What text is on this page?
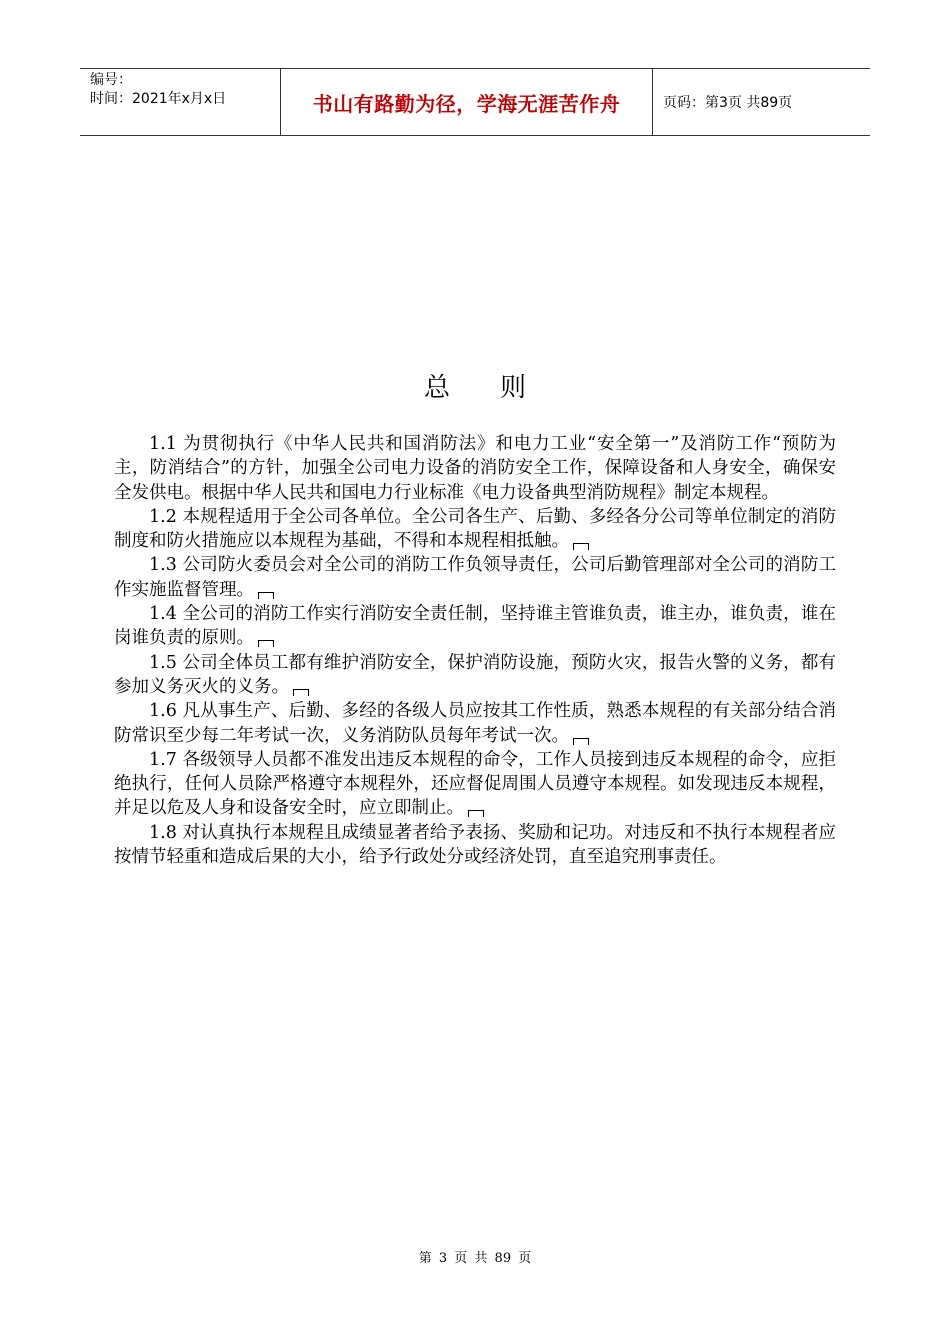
编号：
时间：2021年x月x日	书山有路勤为径，学海无涯苦作舟	页码：第3页 共89页
总则

1.1 为贯彻执行《中华人民共和国消防法》和电力工业“安全第一”及消防工作“预防为主，防消结合”的方针，加强全公司电力设备的消防安全工作，保障设备和人身安全，确保安全发供电。根据中华人民共和国电力行业标准《电力设备典型消防规程》制定本规程。

1.2 本规程适用于全公司各单位。全公司各生产、后勤、多经各分公司等单位制定的消防制度和防火措施应以本规程为基础，不得和本规程相抵触。

1.3 公司防火委员会对全公司的消防工作负领导责任，公司后勤管理部对全公司的消防工作实施监督管理。

1.4 全公司的消防工作实行消防安全责任制，坚持谁主管谁负责，谁主办，谁负责，谁在岗谁负责的原则。

1.5 公司全体员工都有维护消防安全，保护消防设施，预防火灾，报告火警的义务，都有参加义务灭火的义务。

1.6 凡从事生产、后勤、多经的各级人员应按其工作性质，熟悉本规程的有关部分结合消防常识至少每二年考试一次，义务消防队员每年考试一次。

1.7 各级领导人员都不准发出违反本规程的命令，工作人员接到违反本规程的命令，应拒绝执行，任何人员除严格遵守本规程外，还应督促周围人员遵守本规程。如发现违反本规程，并足以危及人身和设备安全时，应立即制止。

1.8 对认真执行本规程且成绩显著者给予表扬、奖励和记功。对违反和不执行本规程者应按情节轻重和造成后果的大小，给予行政处分或经济处罚，直至追究刑事责任。

第 3 页 共 89 页
